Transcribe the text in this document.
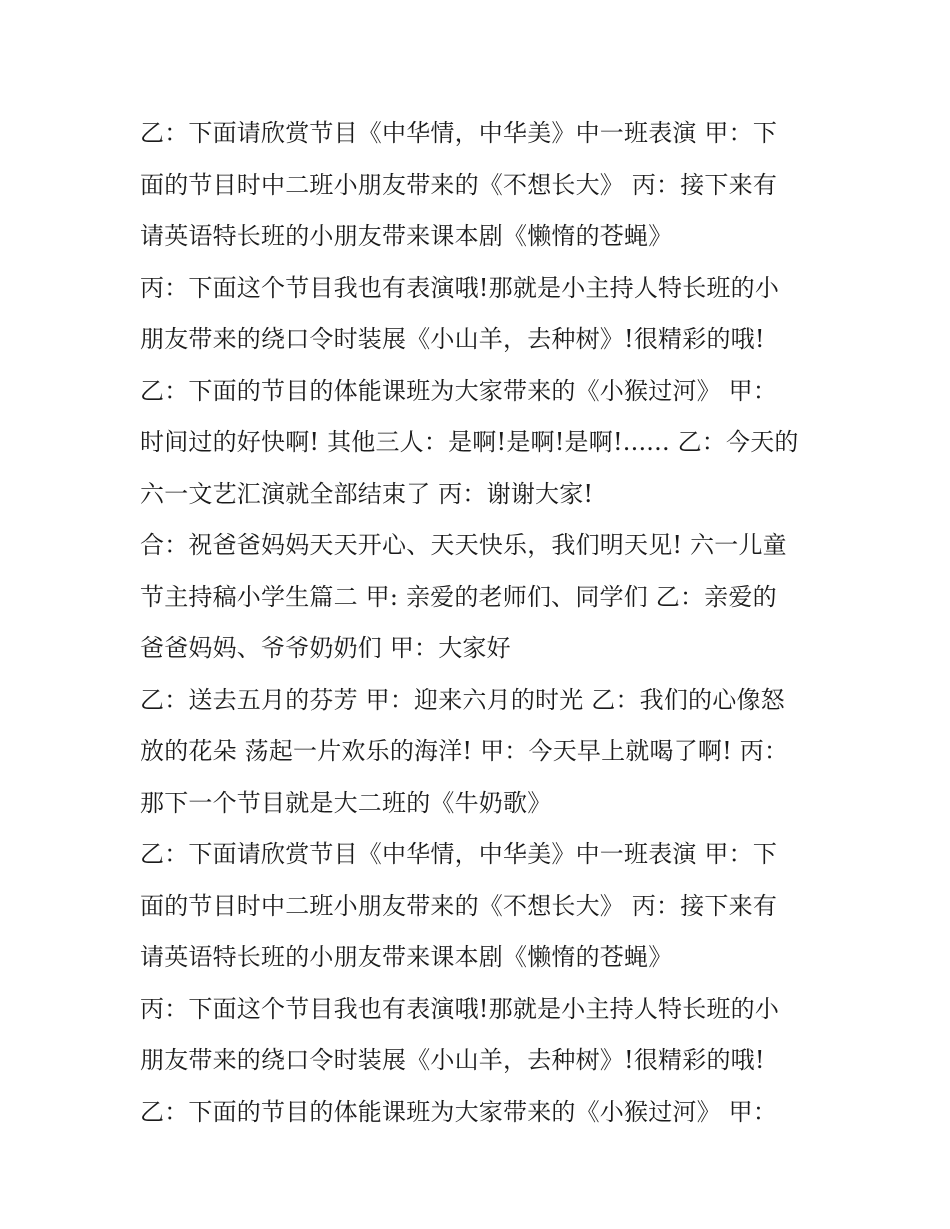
乙：下面请欣赏节目《中华情，中华美》中一班表演 甲：下
面的节目时中二班小朋友带来的《不想长大》 丙：接下来有
请英语特长班的小朋友带来课本剧《懒惰的苍蝇》
丙：下面这个节目我也有表演哦!那就是小主持人特长班的小
朋友带来的绕口令时装展《小山羊，去种树》!很精彩的哦!
乙：下面的节目的体能课班为大家带来的《小猴过河》 甲：
时间过的好快啊! 其他三人：是啊!是啊!是啊!...... 乙：今天的
六一文艺汇演就全部结束了 丙：谢谢大家!
合：祝爸爸妈妈天天开心、天天快乐，我们明天见! 六一儿童
节主持稿小学生篇二 甲: 亲爱的老师们、同学们 乙：亲爱的
爸爸妈妈、爷爷奶奶们 甲：大家好
乙：送去五月的芬芳 甲：迎来六月的时光 乙：我们的心像怒
放的花朵 荡起一片欢乐的海洋! 甲：今天早上就喝了啊! 丙：
那下一个节目就是大二班的《牛奶歌》
乙：下面请欣赏节目《中华情，中华美》中一班表演 甲：下
面的节目时中二班小朋友带来的《不想长大》 丙：接下来有
请英语特长班的小朋友带来课本剧《懒惰的苍蝇》
丙：下面这个节目我也有表演哦!那就是小主持人特长班的小
朋友带来的绕口令时装展《小山羊，去种树》!很精彩的哦!
乙：下面的节目的体能课班为大家带来的《小猴过河》 甲：
